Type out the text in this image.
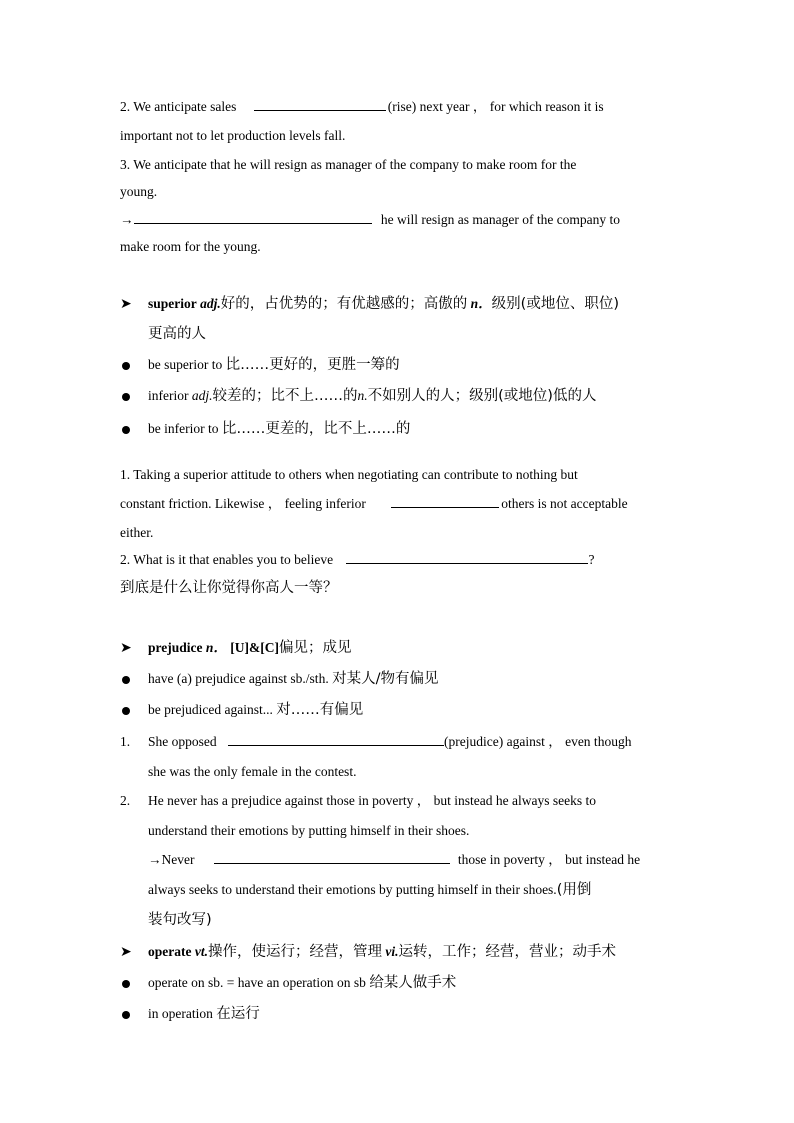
2. We anticipate sales	(rise) next year ， for which reason it is
important not to let production levels fall.
3. We anticipate that he will resign as manager of the company to make room for the
young.
→	he will resign as manager of the company to
make room for the young.
➤ superior adj.好的，占优势的；有优越感的；高傲的 n．级别(或地位、职位)
更高的人
be superior to 比……更好的，更胜一筹的
inferior adj.较差的；比不上……的n.不如别人的人；级别(或地位)低的人
be inferior to 比……更差的，比不上……的
1. Taking a superior attitude to others when negotiating can contribute to nothing but
constant friction. Likewise ， feeling inferior	others is not acceptable
either.
2. What is it that enables you to believe	?
到底是什么让你觉得你高人一等？
➤ prejudice n． [U]&[C]偏见；成见
have (a) prejudice against sb./sth. 对某人/物有偏见
be prejudiced against... 对……有偏见
1. She opposed	(prejudice) against ， even though
she was the only female in the contest.
2. He never has a prejudice against those in poverty ， but instead he always seeks to
understand their emotions by putting himself in their shoes.
→Never	those in poverty ， but instead he
always seeks to understand their emotions by putting himself in their shoes.(用倒
装句改写)
➤ operate vt.操作，使运行；经营，管理 vi.运转，工作；经营，营业；动手术
operate on sb. = have an operation on sb 给某人做手术
in operation 在运行
